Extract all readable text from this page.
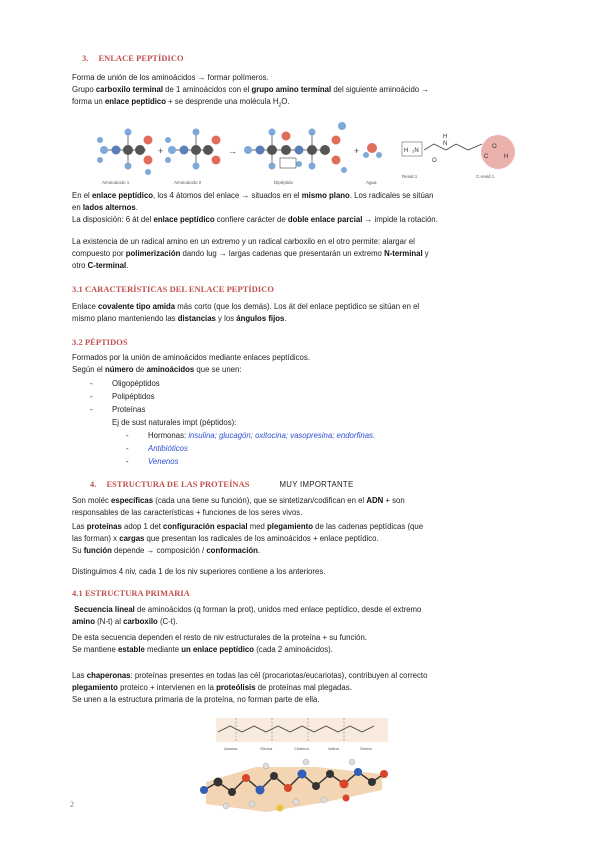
3. ENLACE PEPTÍDICO
Forma de unión de los aminoácidos → formar polímeros.
Grupo carboxilo terminal de 1 aminoácidos con el grupo amino terminal del siguiente aminoácido →
forma un enlace peptídico + se desprende una molécula $H_2O$.
+	→	+	H ₂N
H
N
O
C
O
H
Aminoácido 1	Aminoácido 2	Dipéptido	Agua
Resid.1	C-resid.1
En el enlace peptídico, los 4 átomos del enlace → situados en el mismo plano. Los radicales se sitúan
en lados alternos.
La disposición: 6 át del enlace peptídico confiere carácter de doble enlace parcial → impide la rotación.
La existencia de un radical amino en un extremo y un radical carboxilo en el otro permite: alargar el
compuesto por polimerización dando lug → largas cadenas que presentarán un extremo N-terminal y
otro C-terminal.
3.1 CARACTERÍSTICAS DEL ENLACE PEPTÍDICO
Enlace covalente tipo amida más corto (que los demás). Los át del enlace peptídico se sitúan en el
mismo plano manteniendo las distancias y los ángulos fijos.
3.2 PÉPTIDOS
Formados por la unión de aminoácidos mediante enlaces peptídicos.
Según el número de aminoácidos que se unen:
- Oligopéptidos
- Polipéptidos
- Proteínas
Ej de sust naturales impt (péptidos):
- Hormonas: insulina; glucagón; oxitocina; vasopresina; endorfinas.
- Antibióticos
- Venenos
4. ESTRUCTURA DE LAS PROTEÍNAS	MUY IMPORTANTE
Son moléc específicas (cada una tiene su función), que se sintetizan/codifican en el ADN + son
responsables de las características + funciones de los seres vivos.
Las proteínas adop 1 det configuración espacial med plegamiento de las cadenas peptídicas (que
las forman) x cargas que presentan los radicales de los aminoácidos + enlace peptídico.
Su función depende → composición / conformación.
Distinguimos 4 niv, cada 1 de los niv superiores contiene a los anteriores.
4.1 ESTRUCTURA PRIMARIA
Secuencia lineal de aminoácidos (q forman la prot), unidos med enlace peptídico, desde el extremo
amino (N-t) al carboxilo (C-t).
De esta secuencia dependen el resto de niv estructurales de la proteína + su función.
Se mantiene estable mediante un enlace peptídico (cada 2 aminoácidos).
Las chaperonas: proteínas presentes en todas las cél (procariotas/eucariotas), contribuyen al correcto
plegamiento proteico + intervienen en la proteólisis de proteínas mal plegadas.
Se unen a la estructura primaria de la proteína, no forman parte de ella.
Alanina	Glicina	Cisteína	Valina	Serina
2
